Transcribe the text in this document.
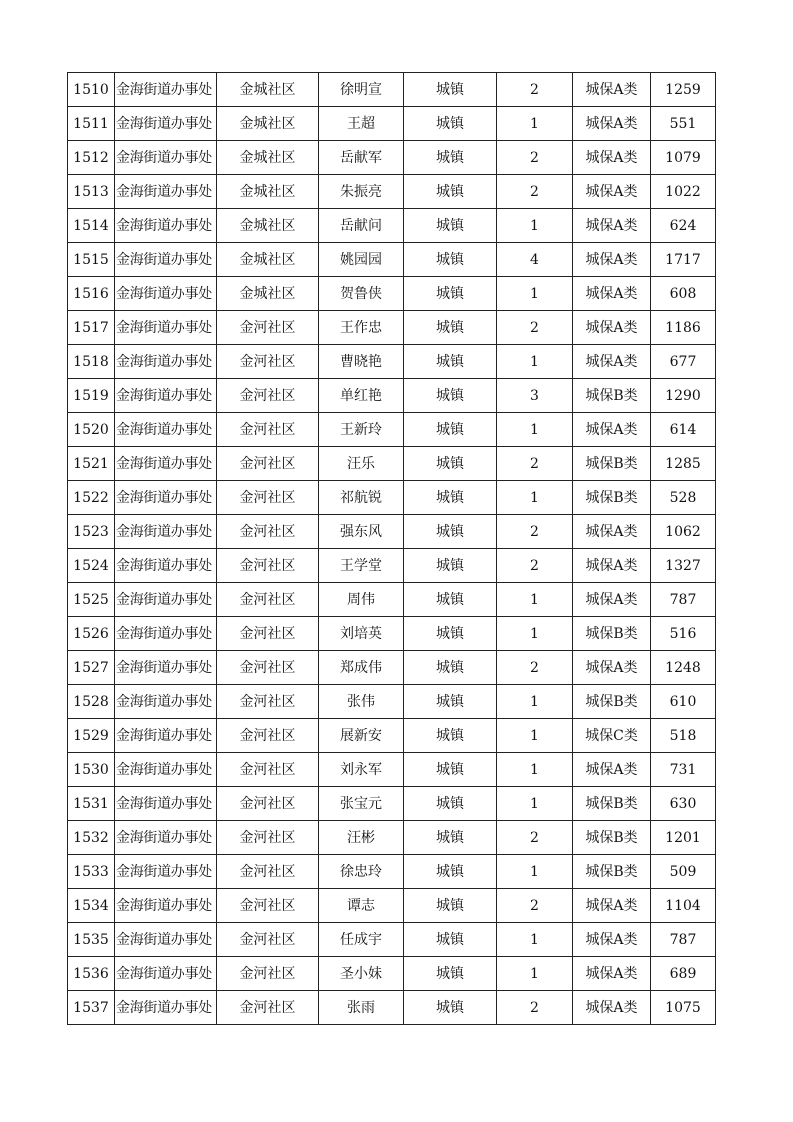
1510	金海街道办事处	金城社区	徐明宣	城镇	2	城保A类	1259
1511	金海街道办事处	金城社区	王超	城镇	1	城保A类	551
1512	金海街道办事处	金城社区	岳献军	城镇	2	城保A类	1079
1513	金海街道办事处	金城社区	朱振亮	城镇	2	城保A类	1022
1514	金海街道办事处	金城社区	岳献问	城镇	1	城保A类	624
1515	金海街道办事处	金城社区	姚园园	城镇	4	城保A类	1717
1516	金海街道办事处	金城社区	贺鲁侠	城镇	1	城保A类	608
1517	金海街道办事处	金河社区	王作忠	城镇	2	城保A类	1186
1518	金海街道办事处	金河社区	曹晓艳	城镇	1	城保A类	677
1519	金海街道办事处	金河社区	单红艳	城镇	3	城保B类	1290
1520	金海街道办事处	金河社区	王新玲	城镇	1	城保A类	614
1521	金海街道办事处	金河社区	汪乐	城镇	2	城保B类	1285
1522	金海街道办事处	金河社区	祁航锐	城镇	1	城保B类	528
1523	金海街道办事处	金河社区	强东风	城镇	2	城保A类	1062
1524	金海街道办事处	金河社区	王学堂	城镇	2	城保A类	1327
1525	金海街道办事处	金河社区	周伟	城镇	1	城保A类	787
1526	金海街道办事处	金河社区	刘培英	城镇	1	城保B类	516
1527	金海街道办事处	金河社区	郑成伟	城镇	2	城保A类	1248
1528	金海街道办事处	金河社区	张伟	城镇	1	城保B类	610
1529	金海街道办事处	金河社区	展新安	城镇	1	城保C类	518
1530	金海街道办事处	金河社区	刘永军	城镇	1	城保A类	731
1531	金海街道办事处	金河社区	张宝元	城镇	1	城保B类	630
1532	金海街道办事处	金河社区	汪彬	城镇	2	城保B类	1201
1533	金海街道办事处	金河社区	徐忠玲	城镇	1	城保B类	509
1534	金海街道办事处	金河社区	谭志	城镇	2	城保A类	1104
1535	金海街道办事处	金河社区	任成宇	城镇	1	城保A类	787
1536	金海街道办事处	金河社区	圣小妹	城镇	1	城保A类	689
1537	金海街道办事处	金河社区	张雨	城镇	2	城保A类	1075
